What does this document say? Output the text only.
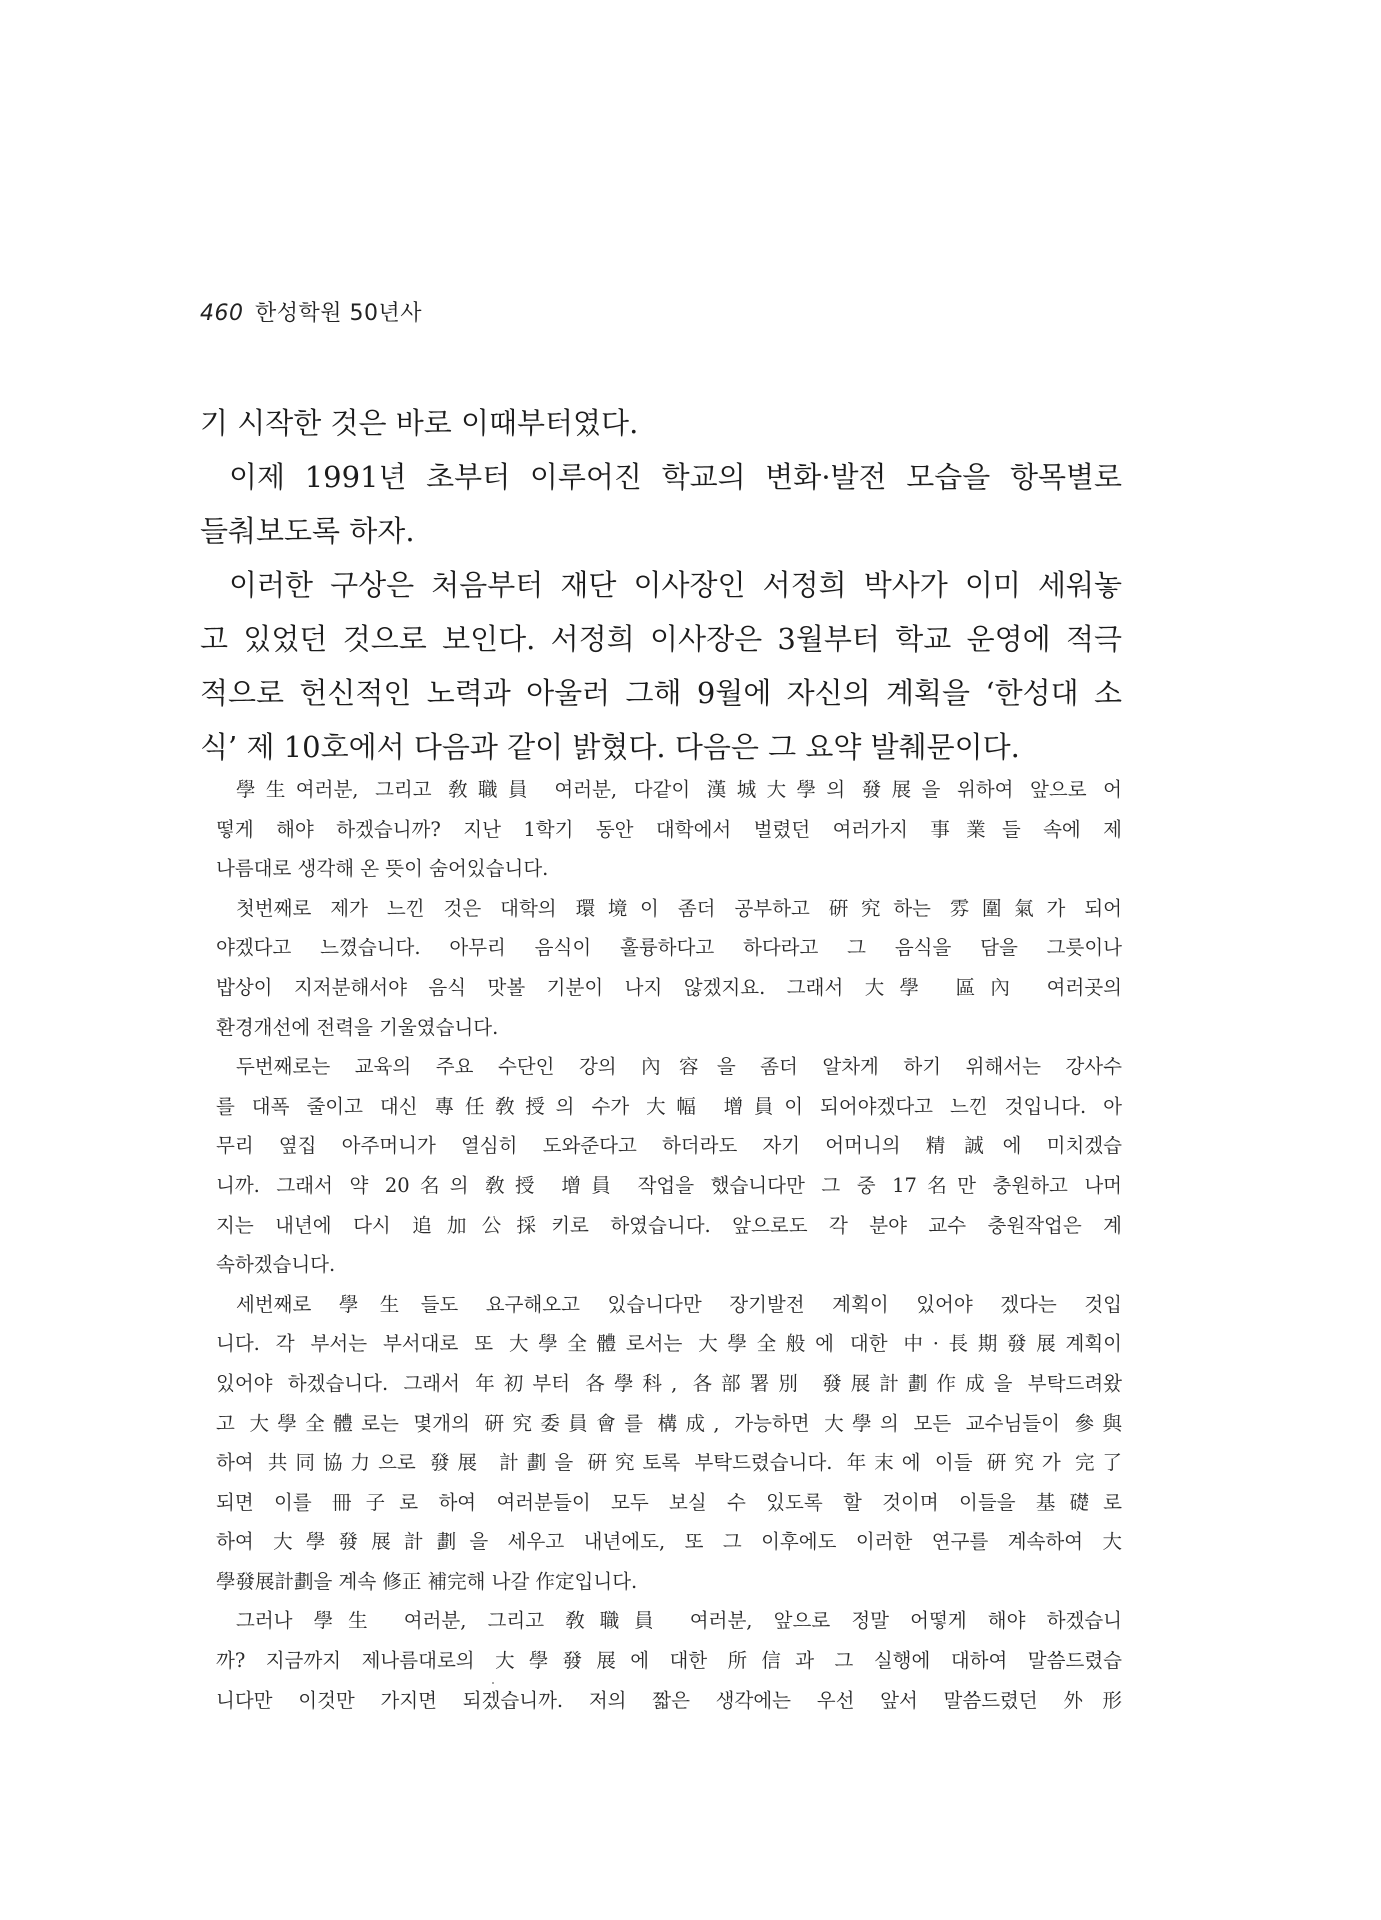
460 한성학원 50년사
기 시작한 것은 바로 이때부터였다.
이제 1991년 초부터 이루어진 학교의 변화·발전 모습을 항목별로
들춰보도록 하자.
이러한 구상은 처음부터 재단 이사장인 서정희 박사가 이미 세워놓
고 있었던 것으로 보인다. 서정희 이사장은 3월부터 학교 운영에 적극
적으로 헌신적인 노력과 아울러 그해 9월에 자신의 계획을 ‘한성대 소
식’ 제 10호에서 다음과 같이 밝혔다. 다음은 그 요약 발췌문이다.
學生여러분, 그리고 敎職員 여러분, 다같이 漢城大學의 發展을 위하여 앞으로 어
떻게 해야 하겠습니까? 지난 1학기 동안 대학에서 벌렸던 여러가지 事業들 속에 제
나름대로 생각해 온 뜻이 숨어있습니다.
첫번째로 제가 느낀 것은 대학의 環境이 좀더 공부하고 硏究하는 雰圍氣가 되어
야겠다고 느꼈습니다. 아무리 음식이 훌륭하다고 하다라고 그 음식을 담을 그릇이나
밥상이 지저분해서야 음식 맛볼 기분이 나지 않겠지요. 그래서 大學 區內 여러곳의
환경개선에 전력을 기울였습니다.
두번째로는 교육의 주요 수단인 강의 內容을 좀더 알차게 하기 위해서는 강사수
를 대폭 줄이고 대신 專任敎授의 수가 大幅 增員이 되어야겠다고 느낀 것입니다. 아
무리 옆집 아주머니가 열심히 도와준다고 하더라도 자기 어머니의 精誠에 미치겠습
니까. 그래서 약 20名의 敎授 增員 작업을 했습니다만 그 중 17名만 충원하고 나머
지는 내년에 다시 追加公採키로 하였습니다. 앞으로도 각 분야 교수 충원작업은 계
속하겠습니다.
세번째로 學生들도 요구해오고 있습니다만 장기발전 계획이 있어야 겠다는 것입
니다. 각 부서는 부서대로 또 大學全體로서는 大學全般에 대한 中·長期發展계획이
있어야 하겠습니다. 그래서 年初부터 各學科, 各部署別 發展計劃作成을 부탁드려왔
고 大學全體로는 몇개의 硏究委員會를 構成, 가능하면 大學의 모든 교수님들이 參與
하여 共同協力으로 發展 計劃을 硏究토록 부탁드렸습니다. 年末에 이들 硏究가 完了
되면 이를 冊子로 하여 여러분들이 모두 보실 수 있도록 할 것이며 이들을 基礎로
하여 大學發展計劃을 세우고 내년에도, 또 그 이후에도 이러한 연구를 계속하여 大
學發展計劃을 계속 修正 補完해 나갈 作定입니다.
그러나 學生 여러분, 그리고 敎職員 여러분, 앞으로 정말 어떻게 해야 하겠습니
까? 지금까지 제나름대로의 大學發展에 대한 所信과 그 실행에 대하여 말씀드렸습
니다만 이것만 가지면 되겠습니까. 저의 짧은 생각에는 우선 앞서 말씀드렸던 外形
